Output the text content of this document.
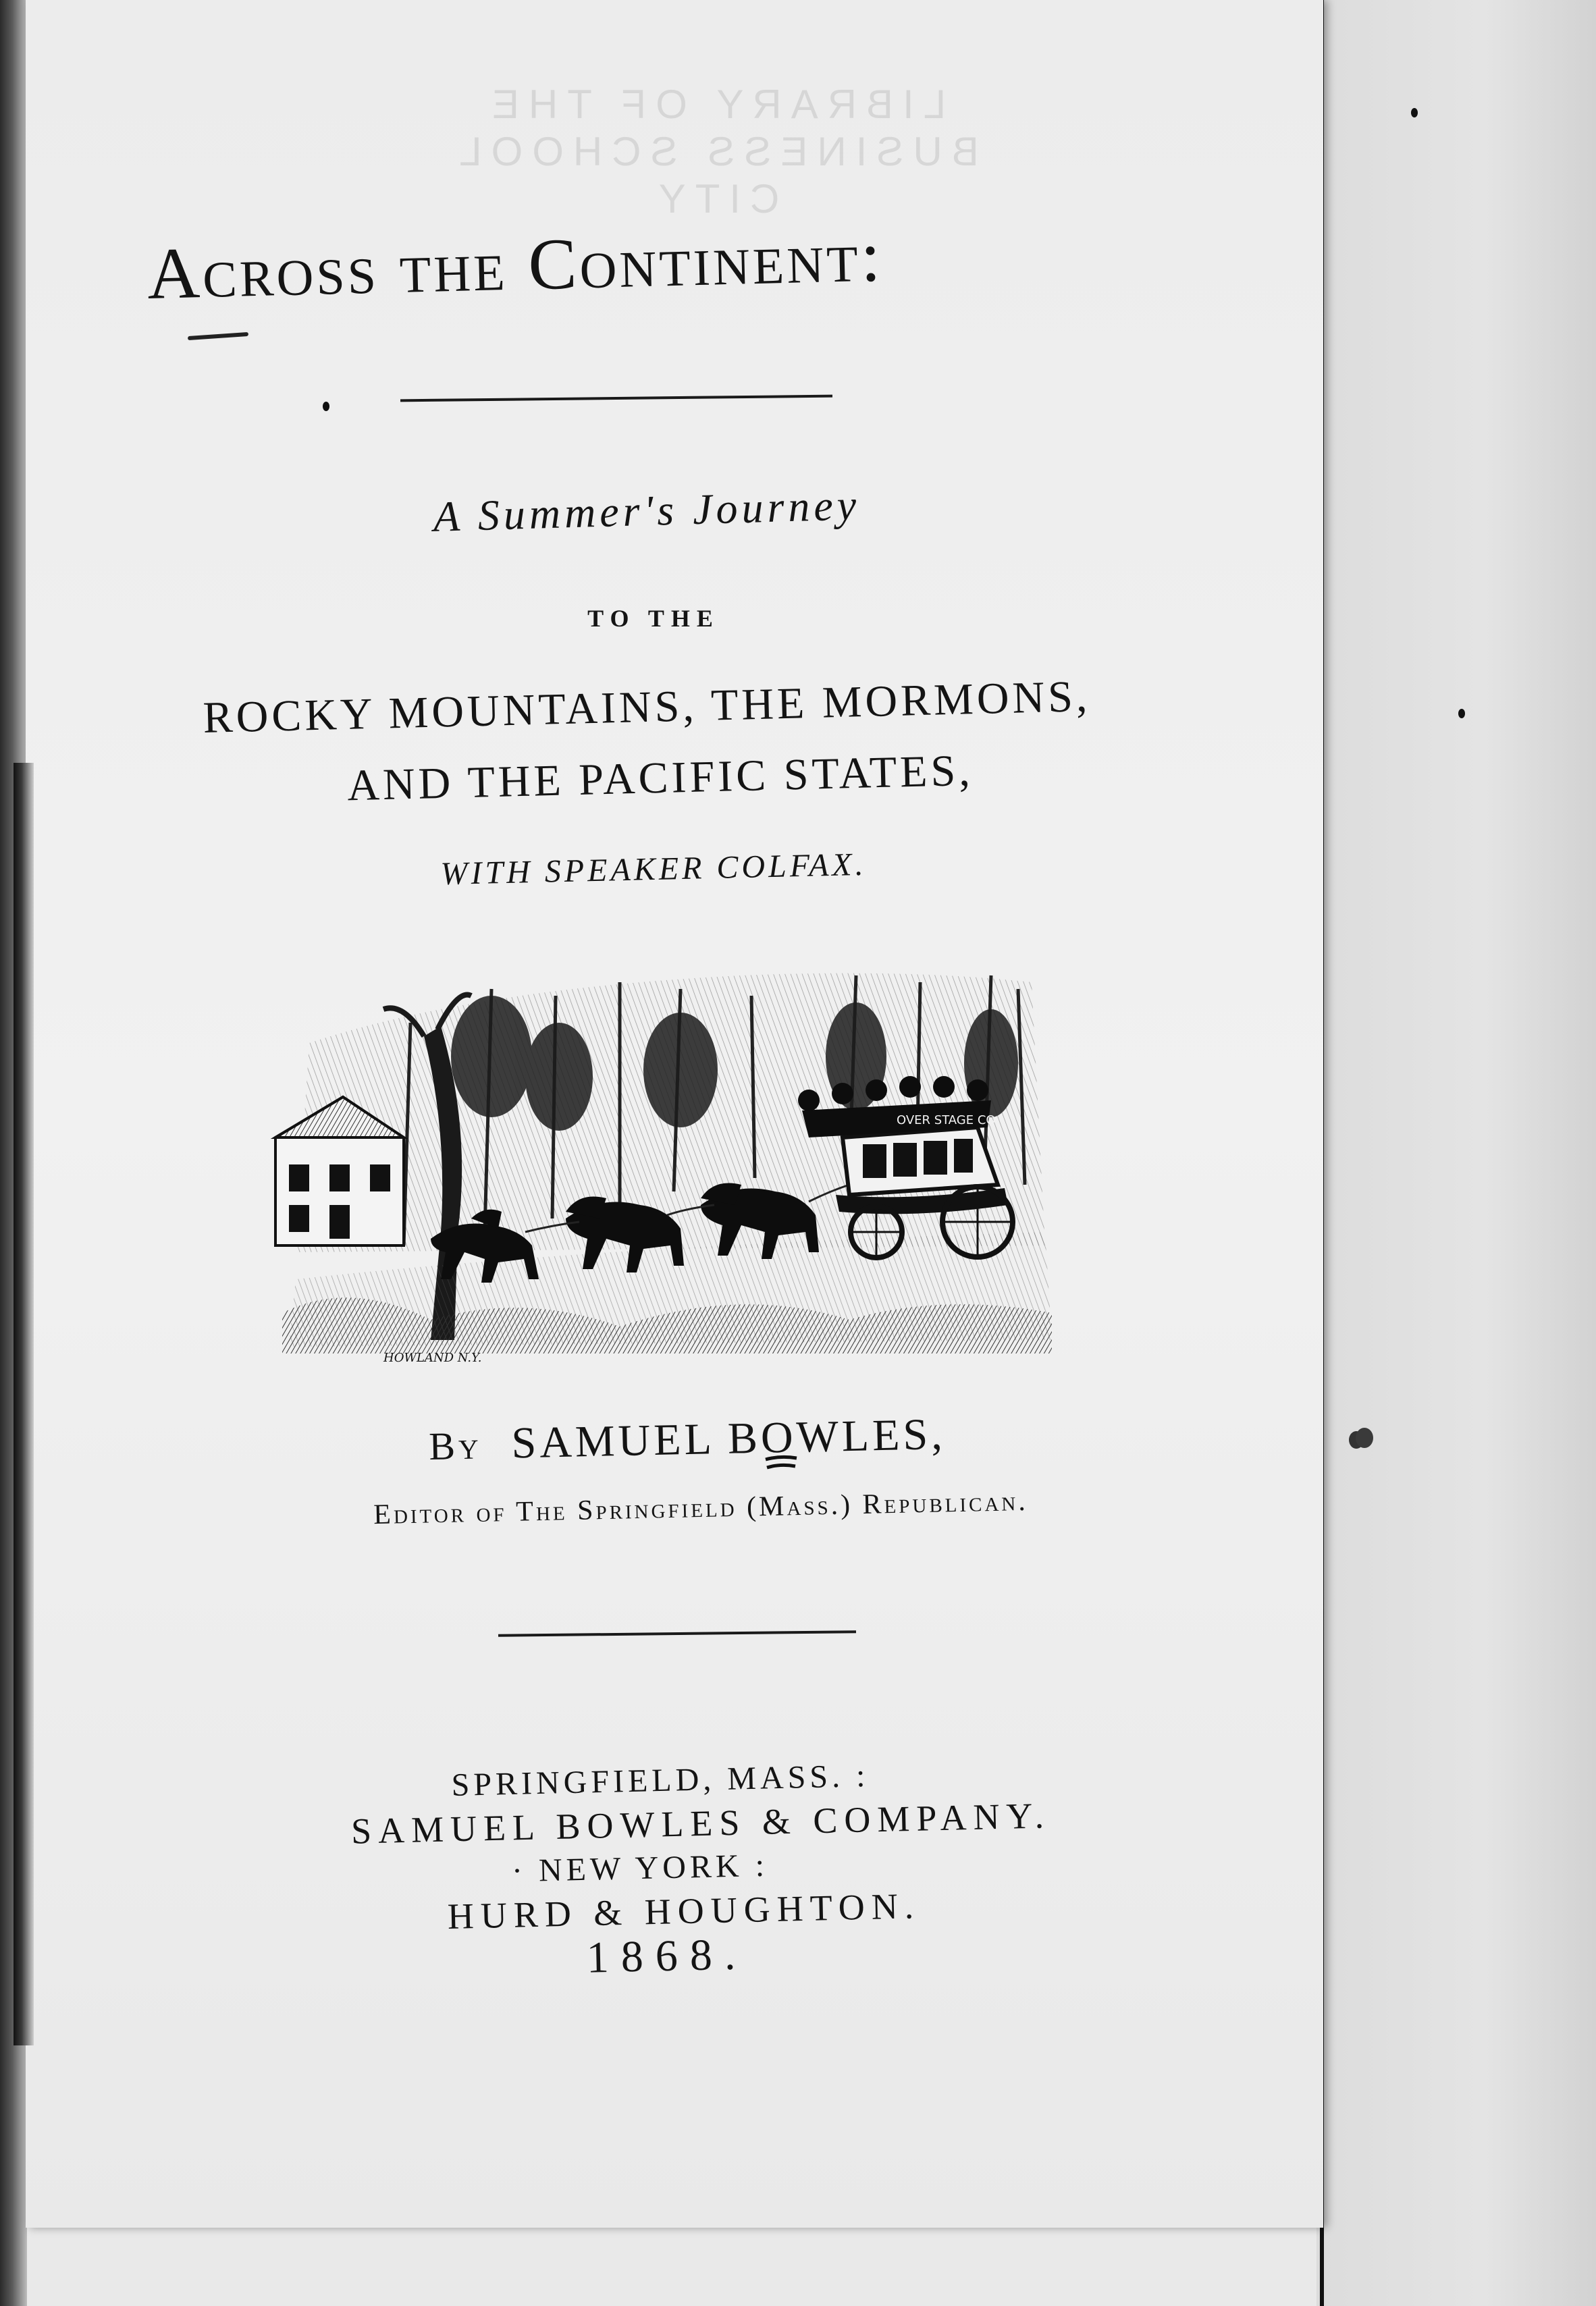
LIBRARY OF THE
BUSINESS SCHOOL
CITY
Across the Continent:
A Summer's Journey
TO THE
ROCKY MOUNTAINS, THE MORMONS,
AND THE PACIFIC STATES,
WITH SPEAKER COLFAX.
OVER STAGE CO
HOWLAND N.Y.
By SAMUEL BOWLES,
Editor of The Springfield (Mass.) Republican.
SPRINGFIELD, MASS. :
SAMUEL BOWLES & COMPANY.
· NEW YORK :
HURD & HOUGHTON.
1868.
